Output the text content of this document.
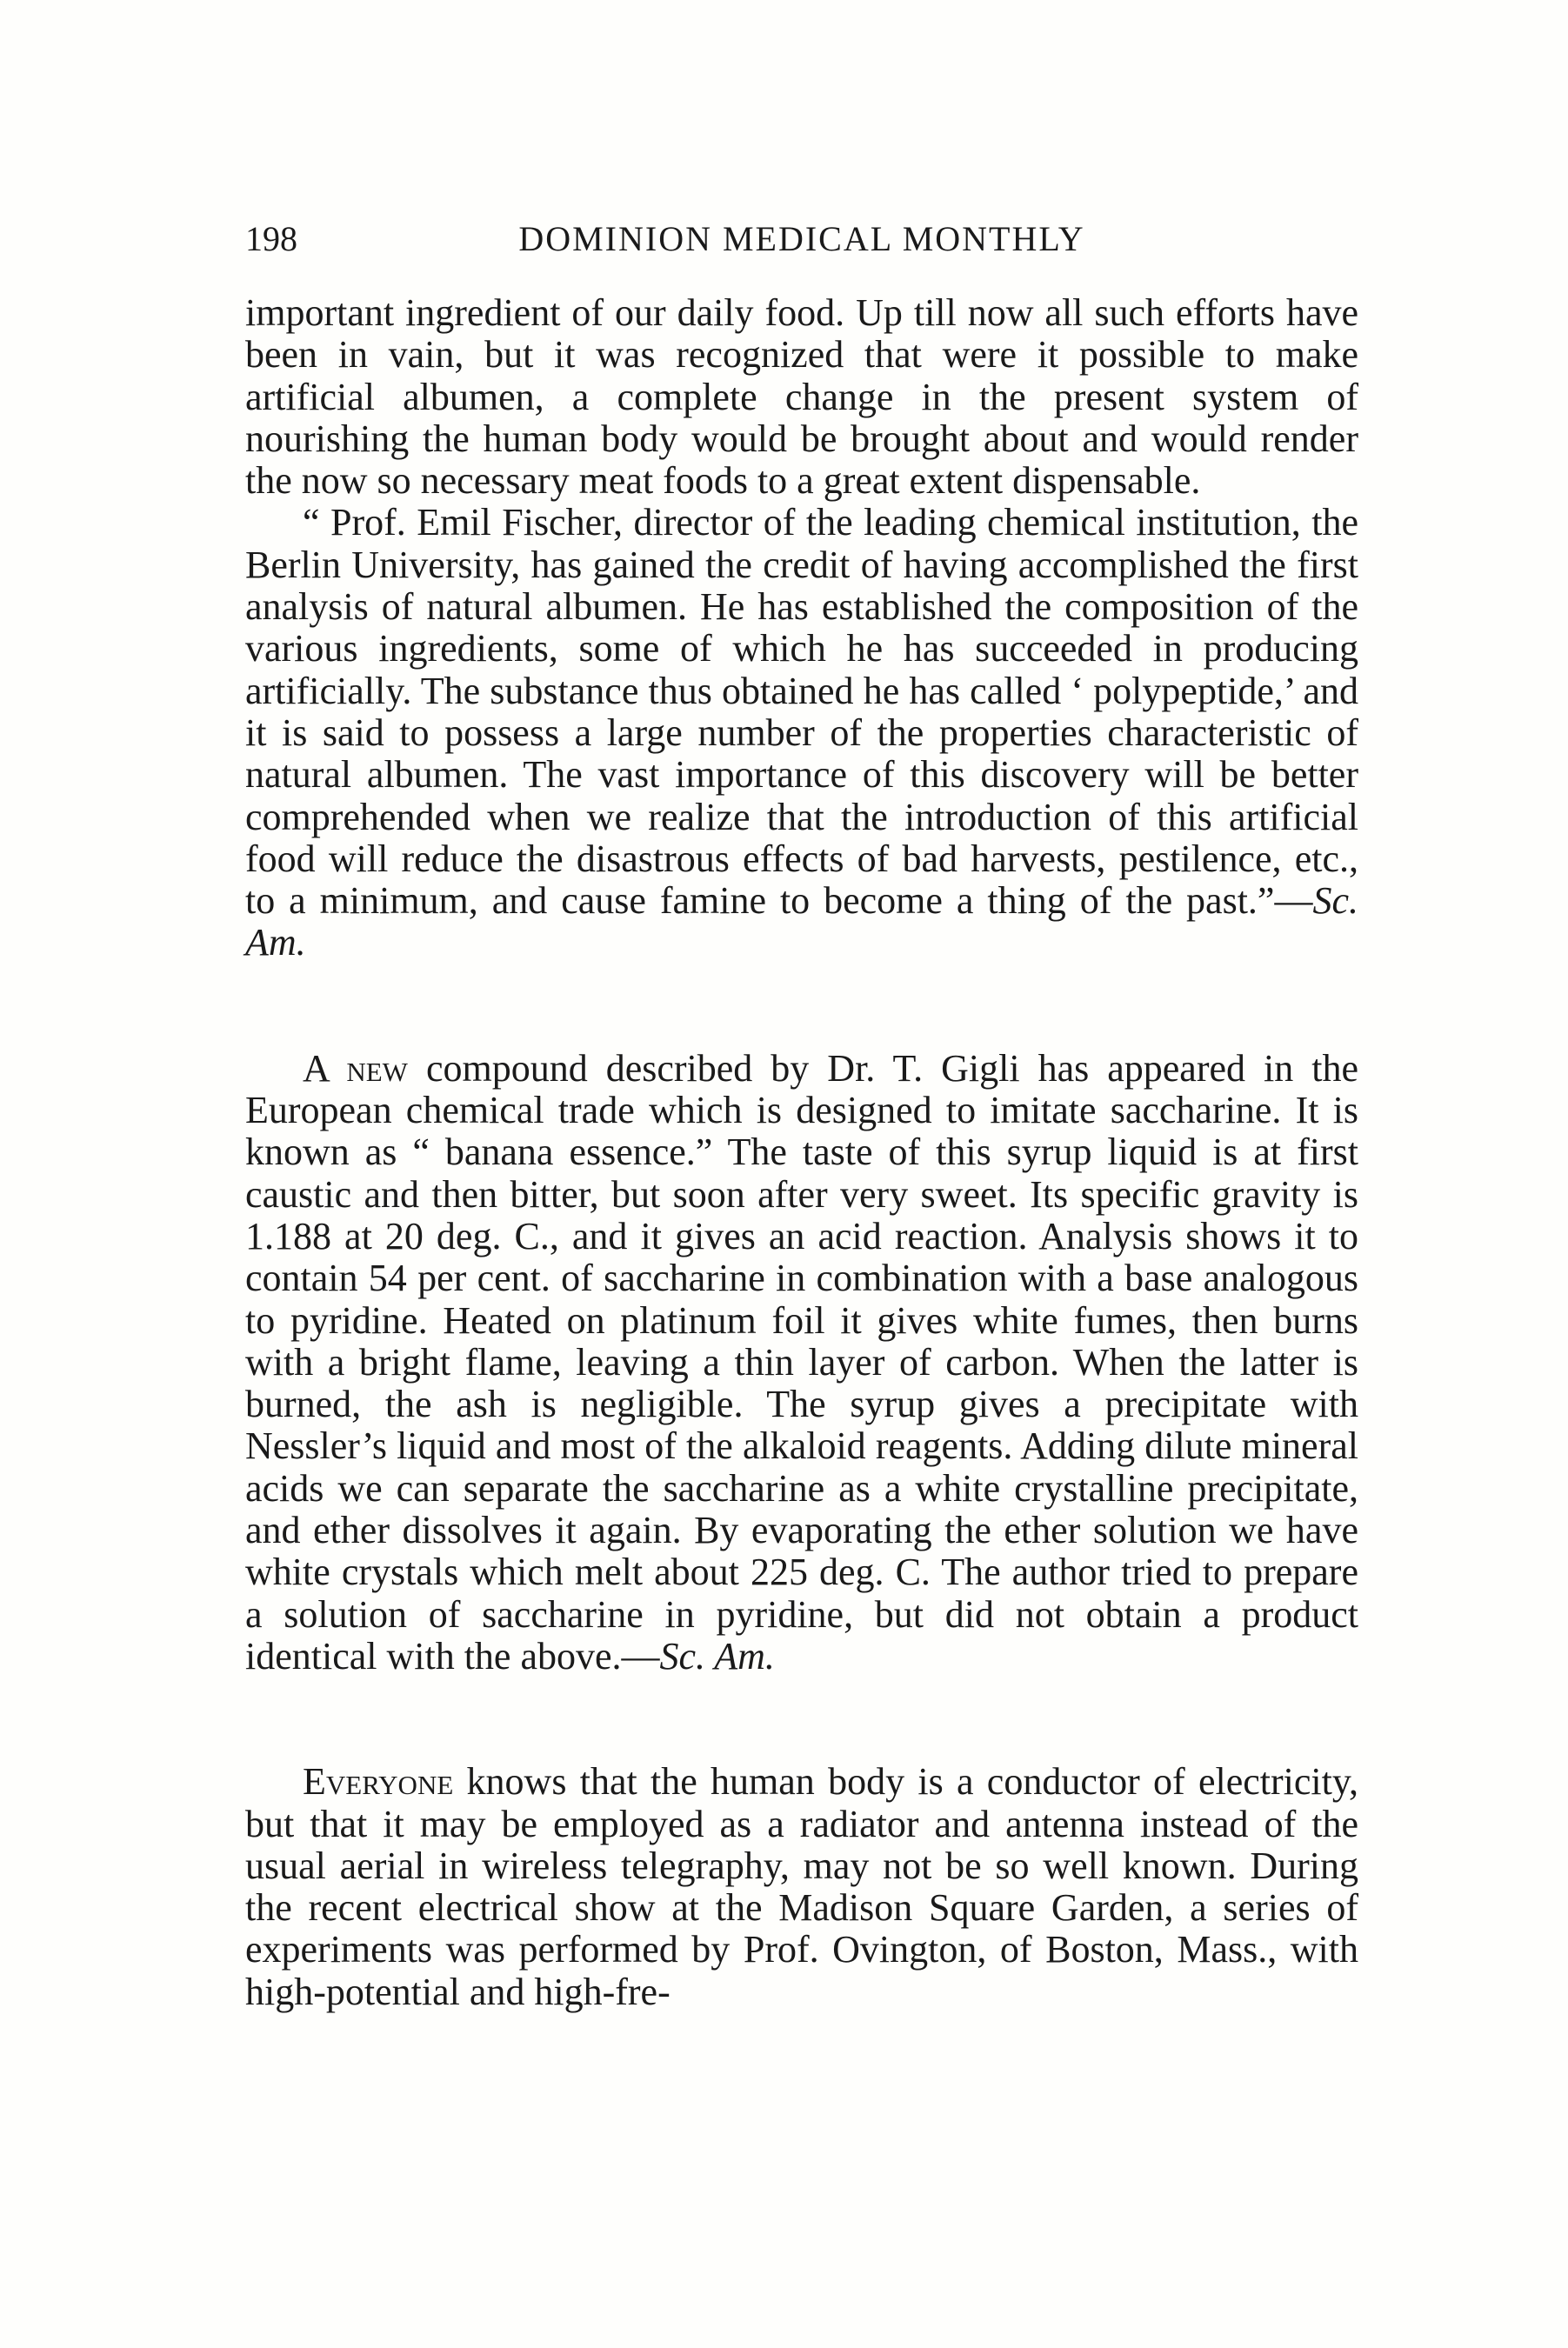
198	DOMINION MEDICAL MONTHLY

important ingredient of our daily food. Up till now all such efforts have been in vain, but it was recognized that were it possible to make artificial albumen, a complete change in the present system of nourishing the human body would be brought about and would render the now so necessary meat foods to a great extent dispensable.

“ Prof. Emil Fischer, director of the leading chemical institution, the Berlin University, has gained the credit of having accomplished the first analysis of natural albumen. He has established the composition of the various ingredients, some of which he has succeeded in producing artificially. The substance thus obtained he has called ‘ polypeptide,’ and it is said to possess a large number of the properties characteristic of natural albumen. The vast importance of this discovery will be better comprehended when we realize that the introduction of this artificial food will reduce the disastrous effects of bad harvests, pestilence, etc., to a minimum, and cause famine to become a thing of the past.”—Sc. Am.

A new compound described by Dr. T. Gigli has appeared in the European chemical trade which is designed to imitate saccharine. It is known as “ banana essence.” The taste of this syrup liquid is at first caustic and then bitter, but soon after very sweet. Its specific gravity is 1.188 at 20 deg. C., and it gives an acid reaction. Analysis shows it to contain 54 per cent. of saccharine in combination with a base analogous to pyridine. Heated on platinum foil it gives white fumes, then burns with a bright flame, leaving a thin layer of carbon. When the latter is burned, the ash is negligible. The syrup gives a precipitate with Nessler’s liquid and most of the alkaloid reagents. Adding dilute mineral acids we can separate the saccharine as a white crystalline precipitate, and ether dissolves it again. By evaporating the ether solution we have white crystals which melt about 225 deg. C. The author tried to prepare a solution of saccharine in pyridine, but did not obtain a product identical with the above.—Sc. Am.

Everyone knows that the human body is a conductor of electricity, but that it may be employed as a radiator and antenna instead of the usual aerial in wireless telegraphy, may not be so well known. During the recent electrical show at the Madison Square Garden, a series of experiments was performed by Prof. Ovington, of Boston, Mass., with high-potential and high-fre-
